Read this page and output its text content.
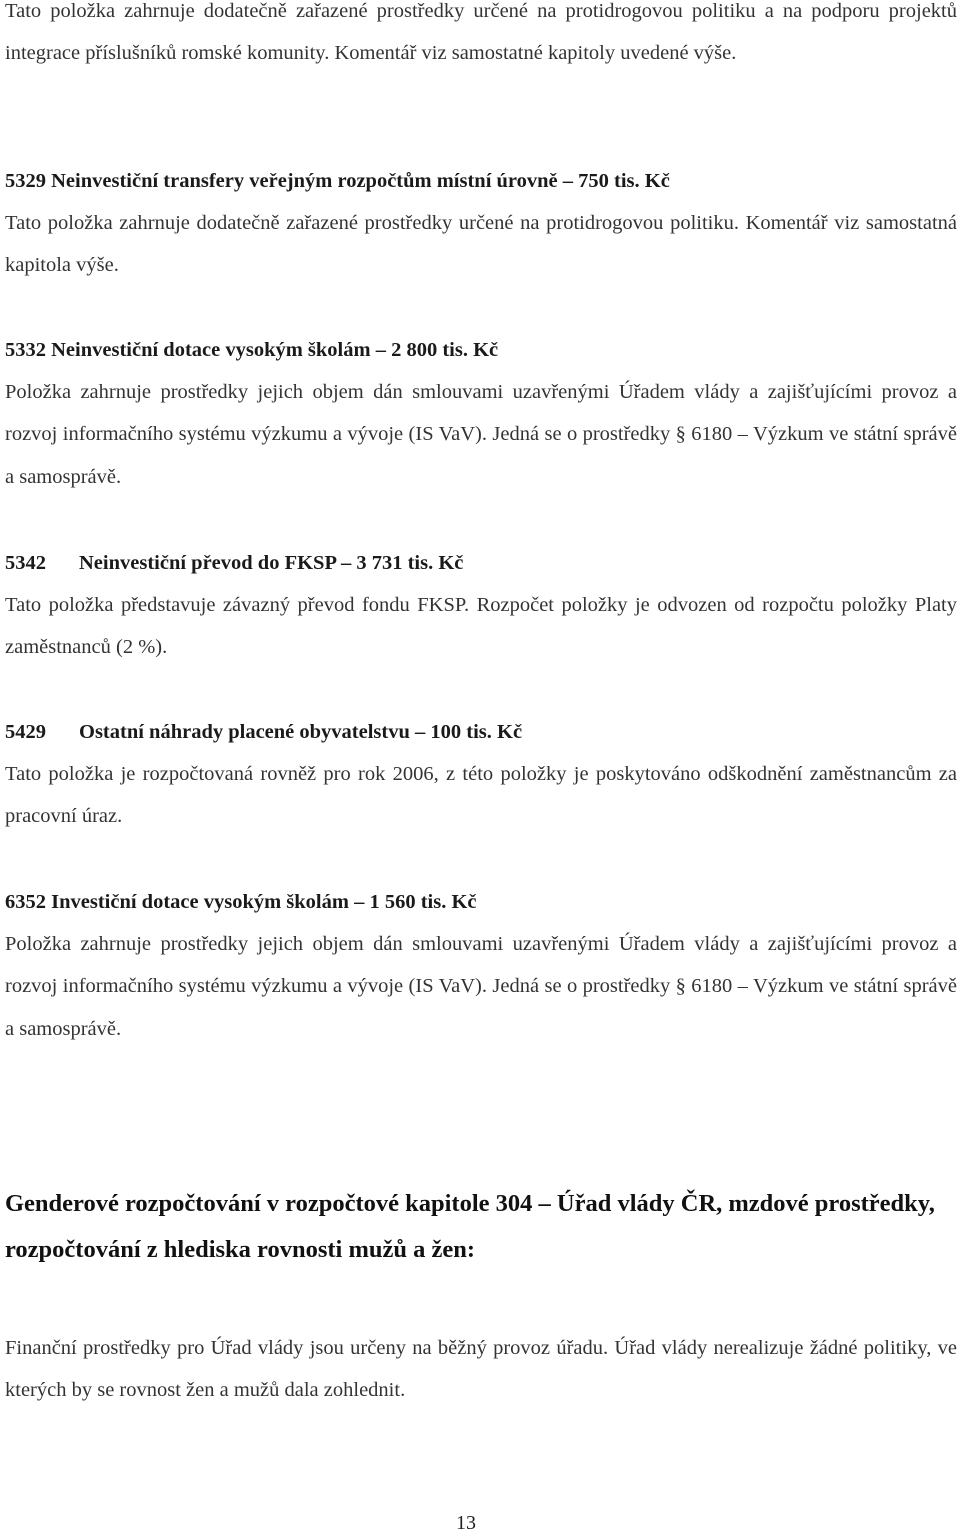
Tato položka zahrnuje dodatečně zařazené prostředky určené na protidrogovou politiku a na podporu projektů integrace příslušníků romské komunity. Komentář viz samostatné kapitoly uvedené výše.

5329 Neinvestiční transfery veřejným rozpočtům místní úrovně – 750 tis. Kč

Tato položka zahrnuje dodatečně zařazené prostředky určené na protidrogovou politiku. Komentář viz samostatná kapitola výše.

5332 Neinvestiční dotace vysokým školám – 2 800 tis. Kč

Položka zahrnuje prostředky jejich objem dán smlouvami uzavřenými Úřadem vlády a zajišťujícími provoz a rozvoj informačního systému výzkumu a vývoje (IS VaV). Jedná se o prostředky § 6180 – Výzkum ve státní správě a samosprávě.

5342 Neinvestiční převod do FKSP – 3 731 tis. Kč

Tato položka představuje závazný převod fondu FKSP. Rozpočet položky je odvozen od rozpočtu položky Platy zaměstnanců (2 %).

5429 Ostatní náhrady placené obyvatelstvu – 100 tis. Kč

Tato položka je rozpočtovaná rovněž pro rok 2006, z této položky je poskytováno odškodnění zaměstnancům za pracovní úraz.

6352 Investiční dotace vysokým školám – 1 560 tis. Kč

Položka zahrnuje prostředky jejich objem dán smlouvami uzavřenými Úřadem vlády a zajišťujícími provoz a rozvoj informačního systému výzkumu a vývoje (IS VaV). Jedná se o prostředky § 6180 – Výzkum ve státní správě a samosprávě.

Genderové rozpočtování v rozpočtové kapitole 304 – Úřad vlády ČR, mzdové prostředky, rozpočtování z hlediska rovnosti mužů a žen:

Finanční prostředky pro Úřad vlády jsou určeny na běžný provoz úřadu. Úřad vlády nerealizuje žádné politiky, ve kterých by se rovnost žen a mužů dala zohlednit.

13
